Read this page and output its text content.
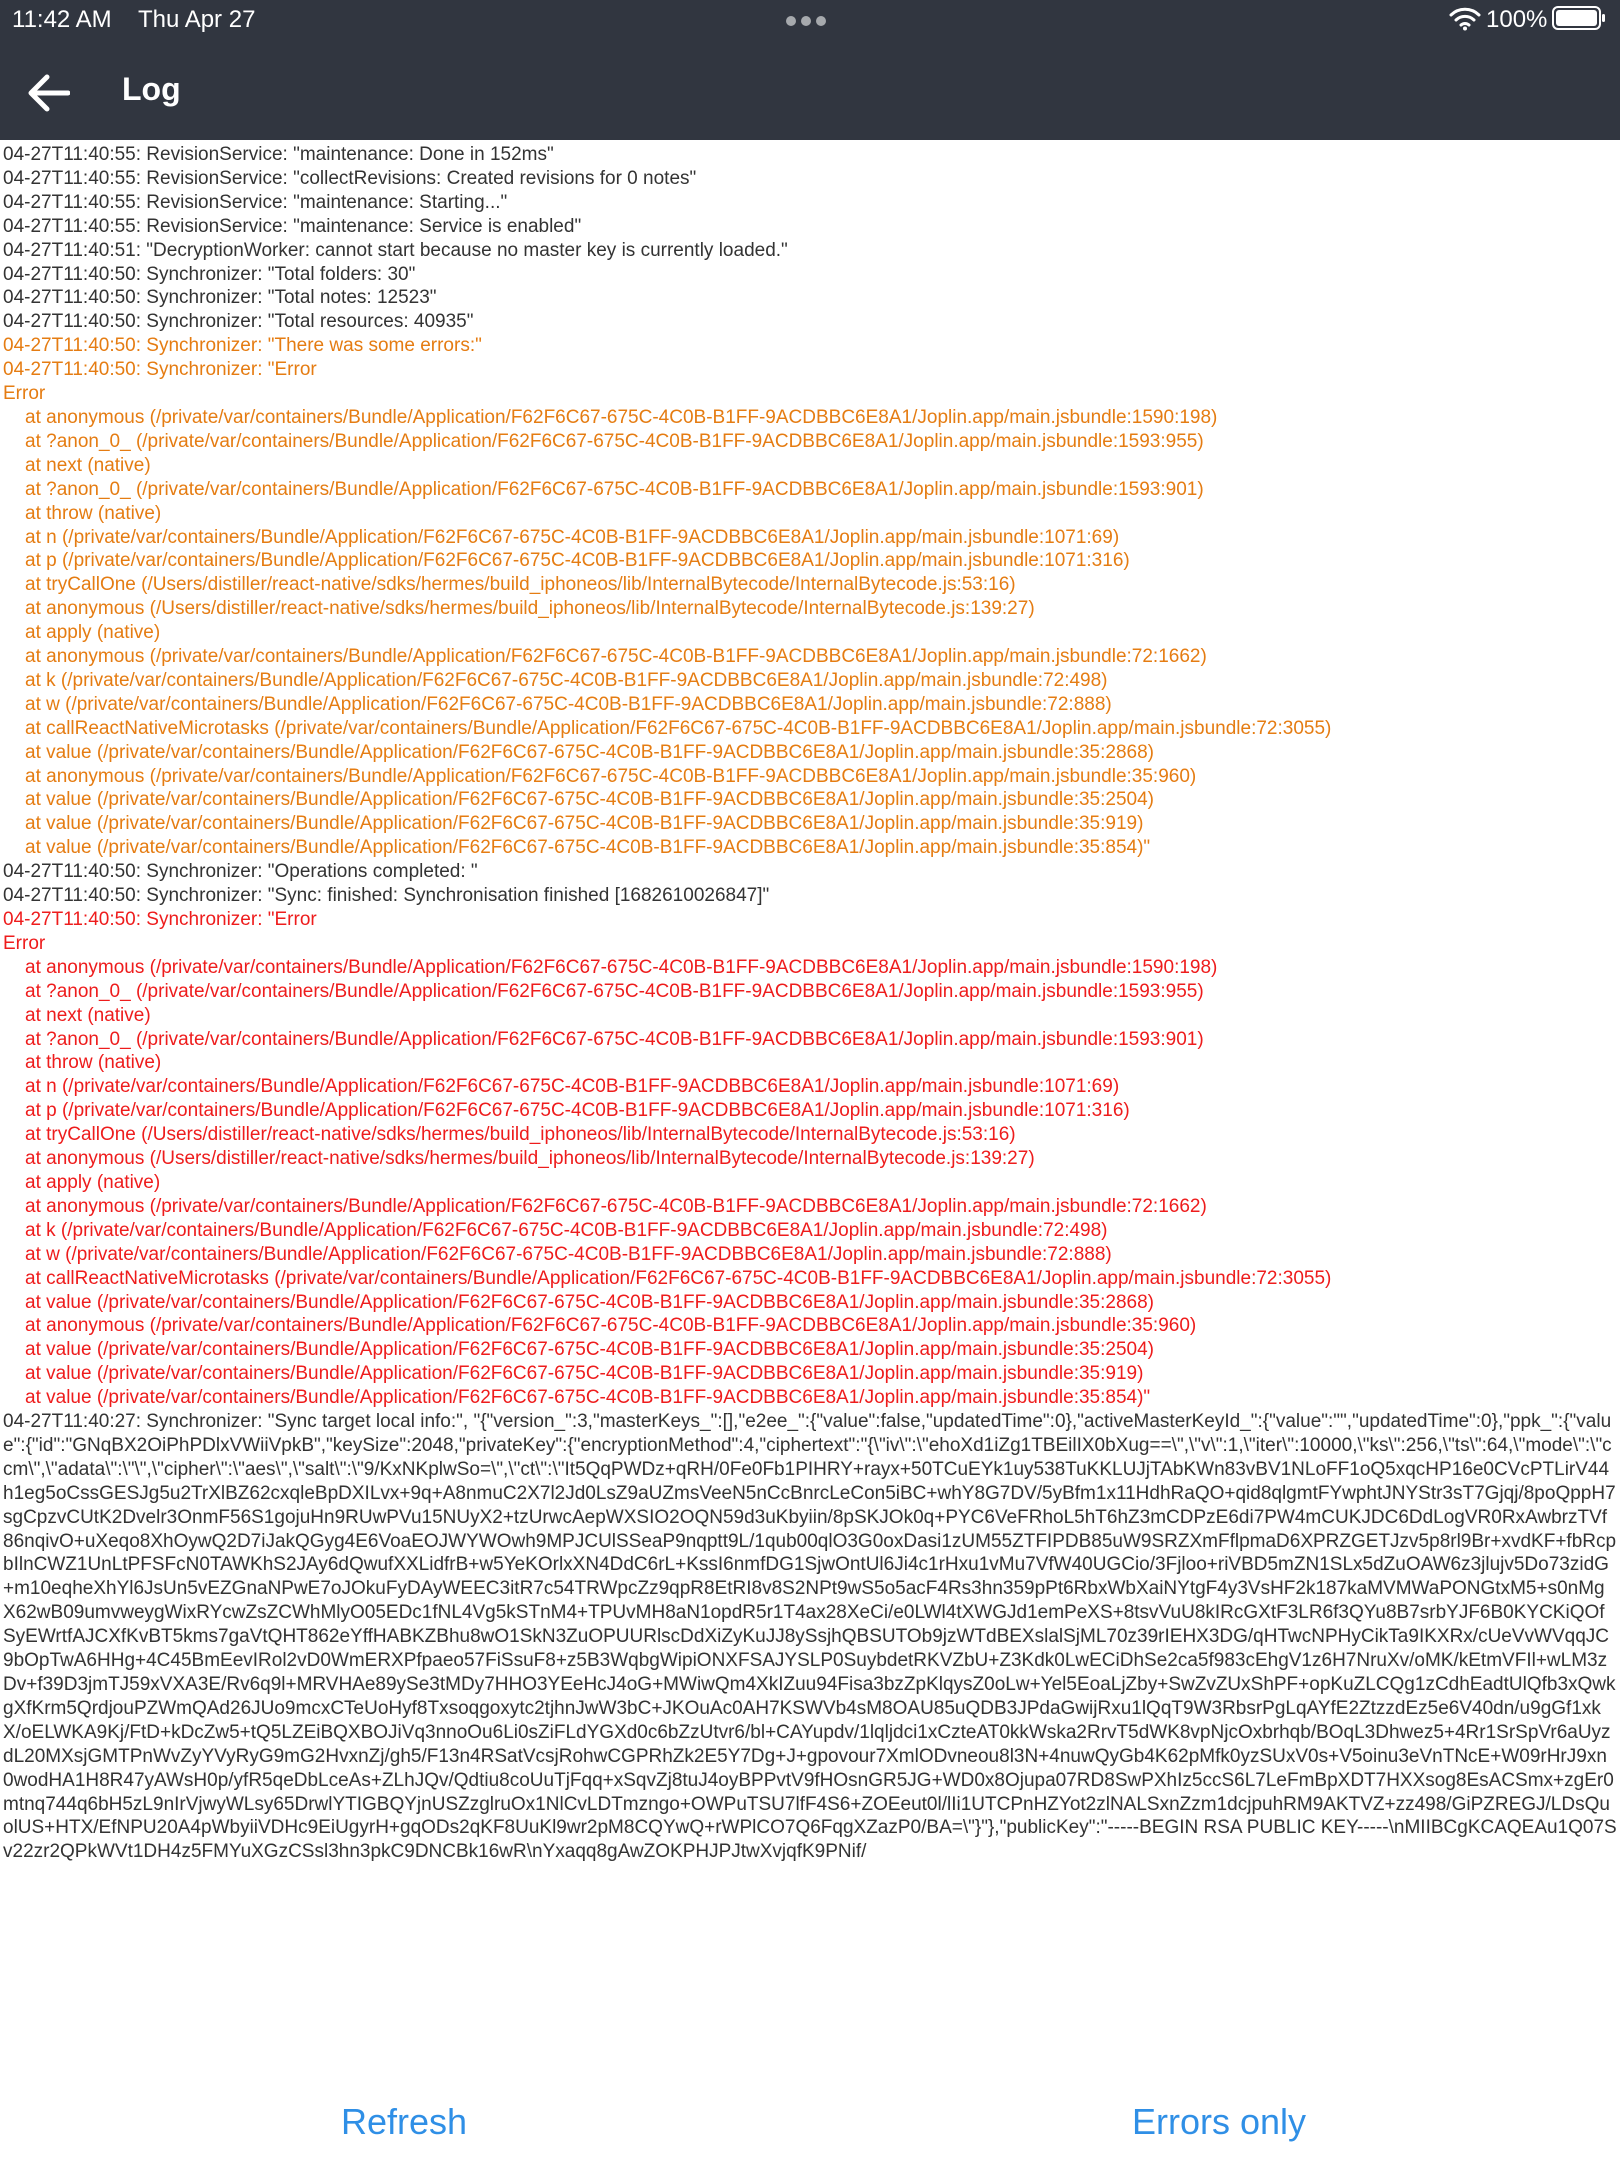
11:42 AM Thu Apr 27	100%
Log
04-27T11:40:55: RevisionService: "maintenance: Done in 152ms"
04-27T11:40:55: RevisionService: "collectRevisions: Created revisions for 0 notes"
04-27T11:40:55: RevisionService: "maintenance: Starting..."
04-27T11:40:55: RevisionService: "maintenance: Service is enabled"
04-27T11:40:51: "DecryptionWorker: cannot start because no master key is currently loaded."
04-27T11:40:50: Synchronizer: "Total folders: 30"
04-27T11:40:50: Synchronizer: "Total notes: 12523"
04-27T11:40:50: Synchronizer: "Total resources: 40935"
04-27T11:40:50: Synchronizer: "There was some errors:"
04-27T11:40:50: Synchronizer: "Error
Error
at anonymous (/private/var/containers/Bundle/Application/F62F6C67-675C-4C0B-B1FF-9ACDBBC6E8A1/Joplin.app/main.jsbundle:1590:198)
at ?anon_0_ (/private/var/containers/Bundle/Application/F62F6C67-675C-4C0B-B1FF-9ACDBBC6E8A1/Joplin.app/main.jsbundle:1593:955)
at next (native)
at ?anon_0_ (/private/var/containers/Bundle/Application/F62F6C67-675C-4C0B-B1FF-9ACDBBC6E8A1/Joplin.app/main.jsbundle:1593:901)
at throw (native)
at n (/private/var/containers/Bundle/Application/F62F6C67-675C-4C0B-B1FF-9ACDBBC6E8A1/Joplin.app/main.jsbundle:1071:69)
at p (/private/var/containers/Bundle/Application/F62F6C67-675C-4C0B-B1FF-9ACDBBC6E8A1/Joplin.app/main.jsbundle:1071:316)
at tryCallOne (/Users/distiller/react-native/sdks/hermes/build_iphoneos/lib/InternalBytecode/InternalBytecode.js:53:16)
at anonymous (/Users/distiller/react-native/sdks/hermes/build_iphoneos/lib/InternalBytecode/InternalBytecode.js:139:27)
at apply (native)
at anonymous (/private/var/containers/Bundle/Application/F62F6C67-675C-4C0B-B1FF-9ACDBBC6E8A1/Joplin.app/main.jsbundle:72:1662)
at k (/private/var/containers/Bundle/Application/F62F6C67-675C-4C0B-B1FF-9ACDBBC6E8A1/Joplin.app/main.jsbundle:72:498)
at w (/private/var/containers/Bundle/Application/F62F6C67-675C-4C0B-B1FF-9ACDBBC6E8A1/Joplin.app/main.jsbundle:72:888)
at callReactNativeMicrotasks (/private/var/containers/Bundle/Application/F62F6C67-675C-4C0B-B1FF-9ACDBBC6E8A1/Joplin.app/main.jsbundle:72:3055)
at value (/private/var/containers/Bundle/Application/F62F6C67-675C-4C0B-B1FF-9ACDBBC6E8A1/Joplin.app/main.jsbundle:35:2868)
at anonymous (/private/var/containers/Bundle/Application/F62F6C67-675C-4C0B-B1FF-9ACDBBC6E8A1/Joplin.app/main.jsbundle:35:960)
at value (/private/var/containers/Bundle/Application/F62F6C67-675C-4C0B-B1FF-9ACDBBC6E8A1/Joplin.app/main.jsbundle:35:2504)
at value (/private/var/containers/Bundle/Application/F62F6C67-675C-4C0B-B1FF-9ACDBBC6E8A1/Joplin.app/main.jsbundle:35:919)
at value (/private/var/containers/Bundle/Application/F62F6C67-675C-4C0B-B1FF-9ACDBBC6E8A1/Joplin.app/main.jsbundle:35:854)"
04-27T11:40:50: Synchronizer: "Operations completed: "
04-27T11:40:50: Synchronizer: "Sync: finished: Synchronisation finished [1682610026847]"
04-27T11:40:50: Synchronizer: "Error
Error
at anonymous (/private/var/containers/Bundle/Application/F62F6C67-675C-4C0B-B1FF-9ACDBBC6E8A1/Joplin.app/main.jsbundle:1590:198)
at ?anon_0_ (/private/var/containers/Bundle/Application/F62F6C67-675C-4C0B-B1FF-9ACDBBC6E8A1/Joplin.app/main.jsbundle:1593:955)
at next (native)
at ?anon_0_ (/private/var/containers/Bundle/Application/F62F6C67-675C-4C0B-B1FF-9ACDBBC6E8A1/Joplin.app/main.jsbundle:1593:901)
at throw (native)
at n (/private/var/containers/Bundle/Application/F62F6C67-675C-4C0B-B1FF-9ACDBBC6E8A1/Joplin.app/main.jsbundle:1071:69)
at p (/private/var/containers/Bundle/Application/F62F6C67-675C-4C0B-B1FF-9ACDBBC6E8A1/Joplin.app/main.jsbundle:1071:316)
at tryCallOne (/Users/distiller/react-native/sdks/hermes/build_iphoneos/lib/InternalBytecode/InternalBytecode.js:53:16)
at anonymous (/Users/distiller/react-native/sdks/hermes/build_iphoneos/lib/InternalBytecode/InternalBytecode.js:139:27)
at apply (native)
at anonymous (/private/var/containers/Bundle/Application/F62F6C67-675C-4C0B-B1FF-9ACDBBC6E8A1/Joplin.app/main.jsbundle:72:1662)
at k (/private/var/containers/Bundle/Application/F62F6C67-675C-4C0B-B1FF-9ACDBBC6E8A1/Joplin.app/main.jsbundle:72:498)
at w (/private/var/containers/Bundle/Application/F62F6C67-675C-4C0B-B1FF-9ACDBBC6E8A1/Joplin.app/main.jsbundle:72:888)
at callReactNativeMicrotasks (/private/var/containers/Bundle/Application/F62F6C67-675C-4C0B-B1FF-9ACDBBC6E8A1/Joplin.app/main.jsbundle:72:3055)
at value (/private/var/containers/Bundle/Application/F62F6C67-675C-4C0B-B1FF-9ACDBBC6E8A1/Joplin.app/main.jsbundle:35:2868)
at anonymous (/private/var/containers/Bundle/Application/F62F6C67-675C-4C0B-B1FF-9ACDBBC6E8A1/Joplin.app/main.jsbundle:35:960)
at value (/private/var/containers/Bundle/Application/F62F6C67-675C-4C0B-B1FF-9ACDBBC6E8A1/Joplin.app/main.jsbundle:35:2504)
at value (/private/var/containers/Bundle/Application/F62F6C67-675C-4C0B-B1FF-9ACDBBC6E8A1/Joplin.app/main.jsbundle:35:919)
at value (/private/var/containers/Bundle/Application/F62F6C67-675C-4C0B-B1FF-9ACDBBC6E8A1/Joplin.app/main.jsbundle:35:854)"
04-27T11:40:27: Synchronizer: "Sync target local info:", "{"version_":3,"masterKeys_":[],"e2ee_":{"value":false,"updatedTime":0},"activeMasterKeyId_":{"value":"","updatedTime":0},"ppk_":{"value":{"id":"GNqBX2OiPhPDlxVWiiVpkB","keySize":2048,"privateKey":{"encryptionMethod":4,"ciphertext":"{\"iv\":\"ehoXd1iZg1TBEilIX0bXug==\",\"v\":1,\"iter\":10000,\"ks\":256,\"ts\":64,\"mode\":\"ccm\",\"adata\":\"\",\"cipher\":\"aes\",\"salt\":\"9/KxNKplwSo=\",\"ct\":\"It5QqPWDz+qRH/0Fe0Fb1PIHRY+rayx+50TCuEYk1uy538TuKKLUJjTAbKWn83vBV1NLoFF1oQ5xqcHP16e0CVcPTLirV44h1eg5oCssGESJg5u2TrXlBZ62cxqleBpDXILvx+9q+A8nmuC2X7l2Jd0LsZ9aUZmsVeeN5nCcBnrcLeCon5iBC+whY8G7DV/5yBfm1x11HdhRaQO+qid8qlgmtFYwphtJNYStr3sT7Gjqj/8poQppH7sgCpzvCUtK2Dvelr3OnmF56S1gojuHn9RUwPVu15NUyX2+tzUrwcAepWXSIO2OQN59d3uKbyiin/8pSKJOk0q+PYC6VeFRhoL5hT6hZ3mCDPzE6di7PW4mCUKJDC6DdLogVR0RxAwbrzTVf86nqivO+uXeqo8XhOywQ2D7iJakQGyg4E6VoaEOJWYWOwh9MPJCUlSSeaP9nqptt9L/1qub00qlO3G0oxDasi1zUM55ZTFIPDB85uW9SRZXmFflpmaD6XPRZGETJzv5p8rl9Br+xvdKF+fbRcpbIlnCWZ1UnLtPFSFcN0TAWKhS2JAy6dQwufXXLidfrB+w5YeKOrlxXN4DdC6rL+KssI6nmfDG1SjwOntUl6Ji4c1rHxu1vMu7VfW40UGCio/3Fjloo+riVBD5mZN1SLx5dZuOAW6z3jlujv5Do73zidG+m10eqheXhYl6JsUn5vEZGnaNPwE7oJOkuFyDAyWEEC3itR7c54TRWpcZz9qpR8EtRI8v8S2NPt9wS5o5acF4Rs3hn359pPt6RbxWbXaiNYtgF4y3VsHF2k187kaMVMWaPONGtxM5+s0nMgX62wB09umvweygWixRYcwZsZCWhMlyO05EDc1fNL4Vg5kSTnM4+TPUvMH8aN1opdR5r1T4ax28XeCi/e0LWl4tXWGJd1emPeXS+8tsvVuU8kIRcGXtF3LR6f3QYu8B7srbYJF6B0KYCKiQOfSyEWrtfAJCXfKvBT5kms7gaVtQHT862eYffHABKZBhu8wO1SkN3ZuOPUURlscDdXiZyKuJJ8ySsjhQBSUTOb9jzWTdBEXslalSjML70z39rIEHX3DG/qHTwcNPHyCikTa9IKXRx/cUeVvWVqqJC9bOpTwA6HHg+4C45BmEevIRol2vD0WmERXPfpaeo57FiSsuF8+z5B3WqbgWipiONXFSAJYSLP0SuybdetRKVZbU+Z3Kdk0LwECiDhSe2ca5f983cEhgV1z6H7NruXv/oMK/kEtmVFIl+wLM3zDv+f39D3jmTJ59xVXA3E/Rv6q9l+MRVHAe89ySe3tMDy7HHO3YEeHcJ4oG+MWiwQm4XkIZuu94Fisa3bzZpKlqysZ0oLw+Yel5EoaLjZby+SwZvZUxShPF+opKuZLCQg1zCdhEadtUlQfb3xQwkgXfKrm5QrdjouPZWmQAd26JUo9mcxCTeUoHyf8Txsoqgoxytc2tjhnJwW3bC+JKOuAc0AH7KSWVb4sM8OAU85uQDB3JPdaGwijRxu1lQqT9W3RbsrPgLqAYfE2ZtzzdEz5e6V40dn/u9gGf1xkX/oELWKA9Kj/FtD+kDcZw5+tQ5LZEiBQXBOJiVq3nnoOu6Li0sZiFLdYGXd0c6bZzUtvr6/bl+CAYupdv/1lqljdci1xCzteAT0kkWska2RrvT5dWK8vpNjcOxbrhqb/BOqL3Dhwez5+4Rr1SrSpVr6aUyzdL20MXsjGMTPnWvZyYVyRyG9mG2HvxnZj/gh5/F13n4RSatVcsjRohwCGPRhZk2E5Y7Dg+J+gpovour7XmlODvneou8l3N+4nuwQyGb4K62pMfk0yzSUxV0s+V5oinu3eVnTNcE+W09rHrJ9xn0wodHA1H8R47yAWsH0p/yfR5qeDbLceAs+ZLhJQv/Qdtiu8coUuTjFqq+xSqvZj8tuJ4oyBPPvtV9fHOsnGR5JG+WD0x8Ojupa07RD8SwPXhIz5ccS6L7LeFmBpXDT7HXXsog8EsACSmx+zgEr0mtnq744q6bH5zL9nIrVjwyWLsy65DrwlYTIGBQYjnUSZzglruOx1NlCvLDTmzngo+OWPuTSU7lfF4S6+ZOEeut0l/lIi1UTCPnHZYot2zlNALSxnZzm1dcjpuhRM9AKTVZ+zz498/GiPZREGJ/LDsQuolUS+HTX/EfNPU20A4pWbyiiVDHc9EiUgyrH+gqODs2qKF8UuKl9wr2pM8CQYwQ+rWPlCO7Q6FqgXZazP0/BA=\"}"},"publicKey":"-----BEGIN RSA PUBLIC KEY-----\nMIIBCgKCAQEAu1Q07Sv22zr2QPkWVt1DH4z5FMYuXGzCSsl3hn3pkC9DNCBk16wR\nYxaqq8gAwZOKPHJPJtwXvjqfK9PNif/
Refresh	Errors only
